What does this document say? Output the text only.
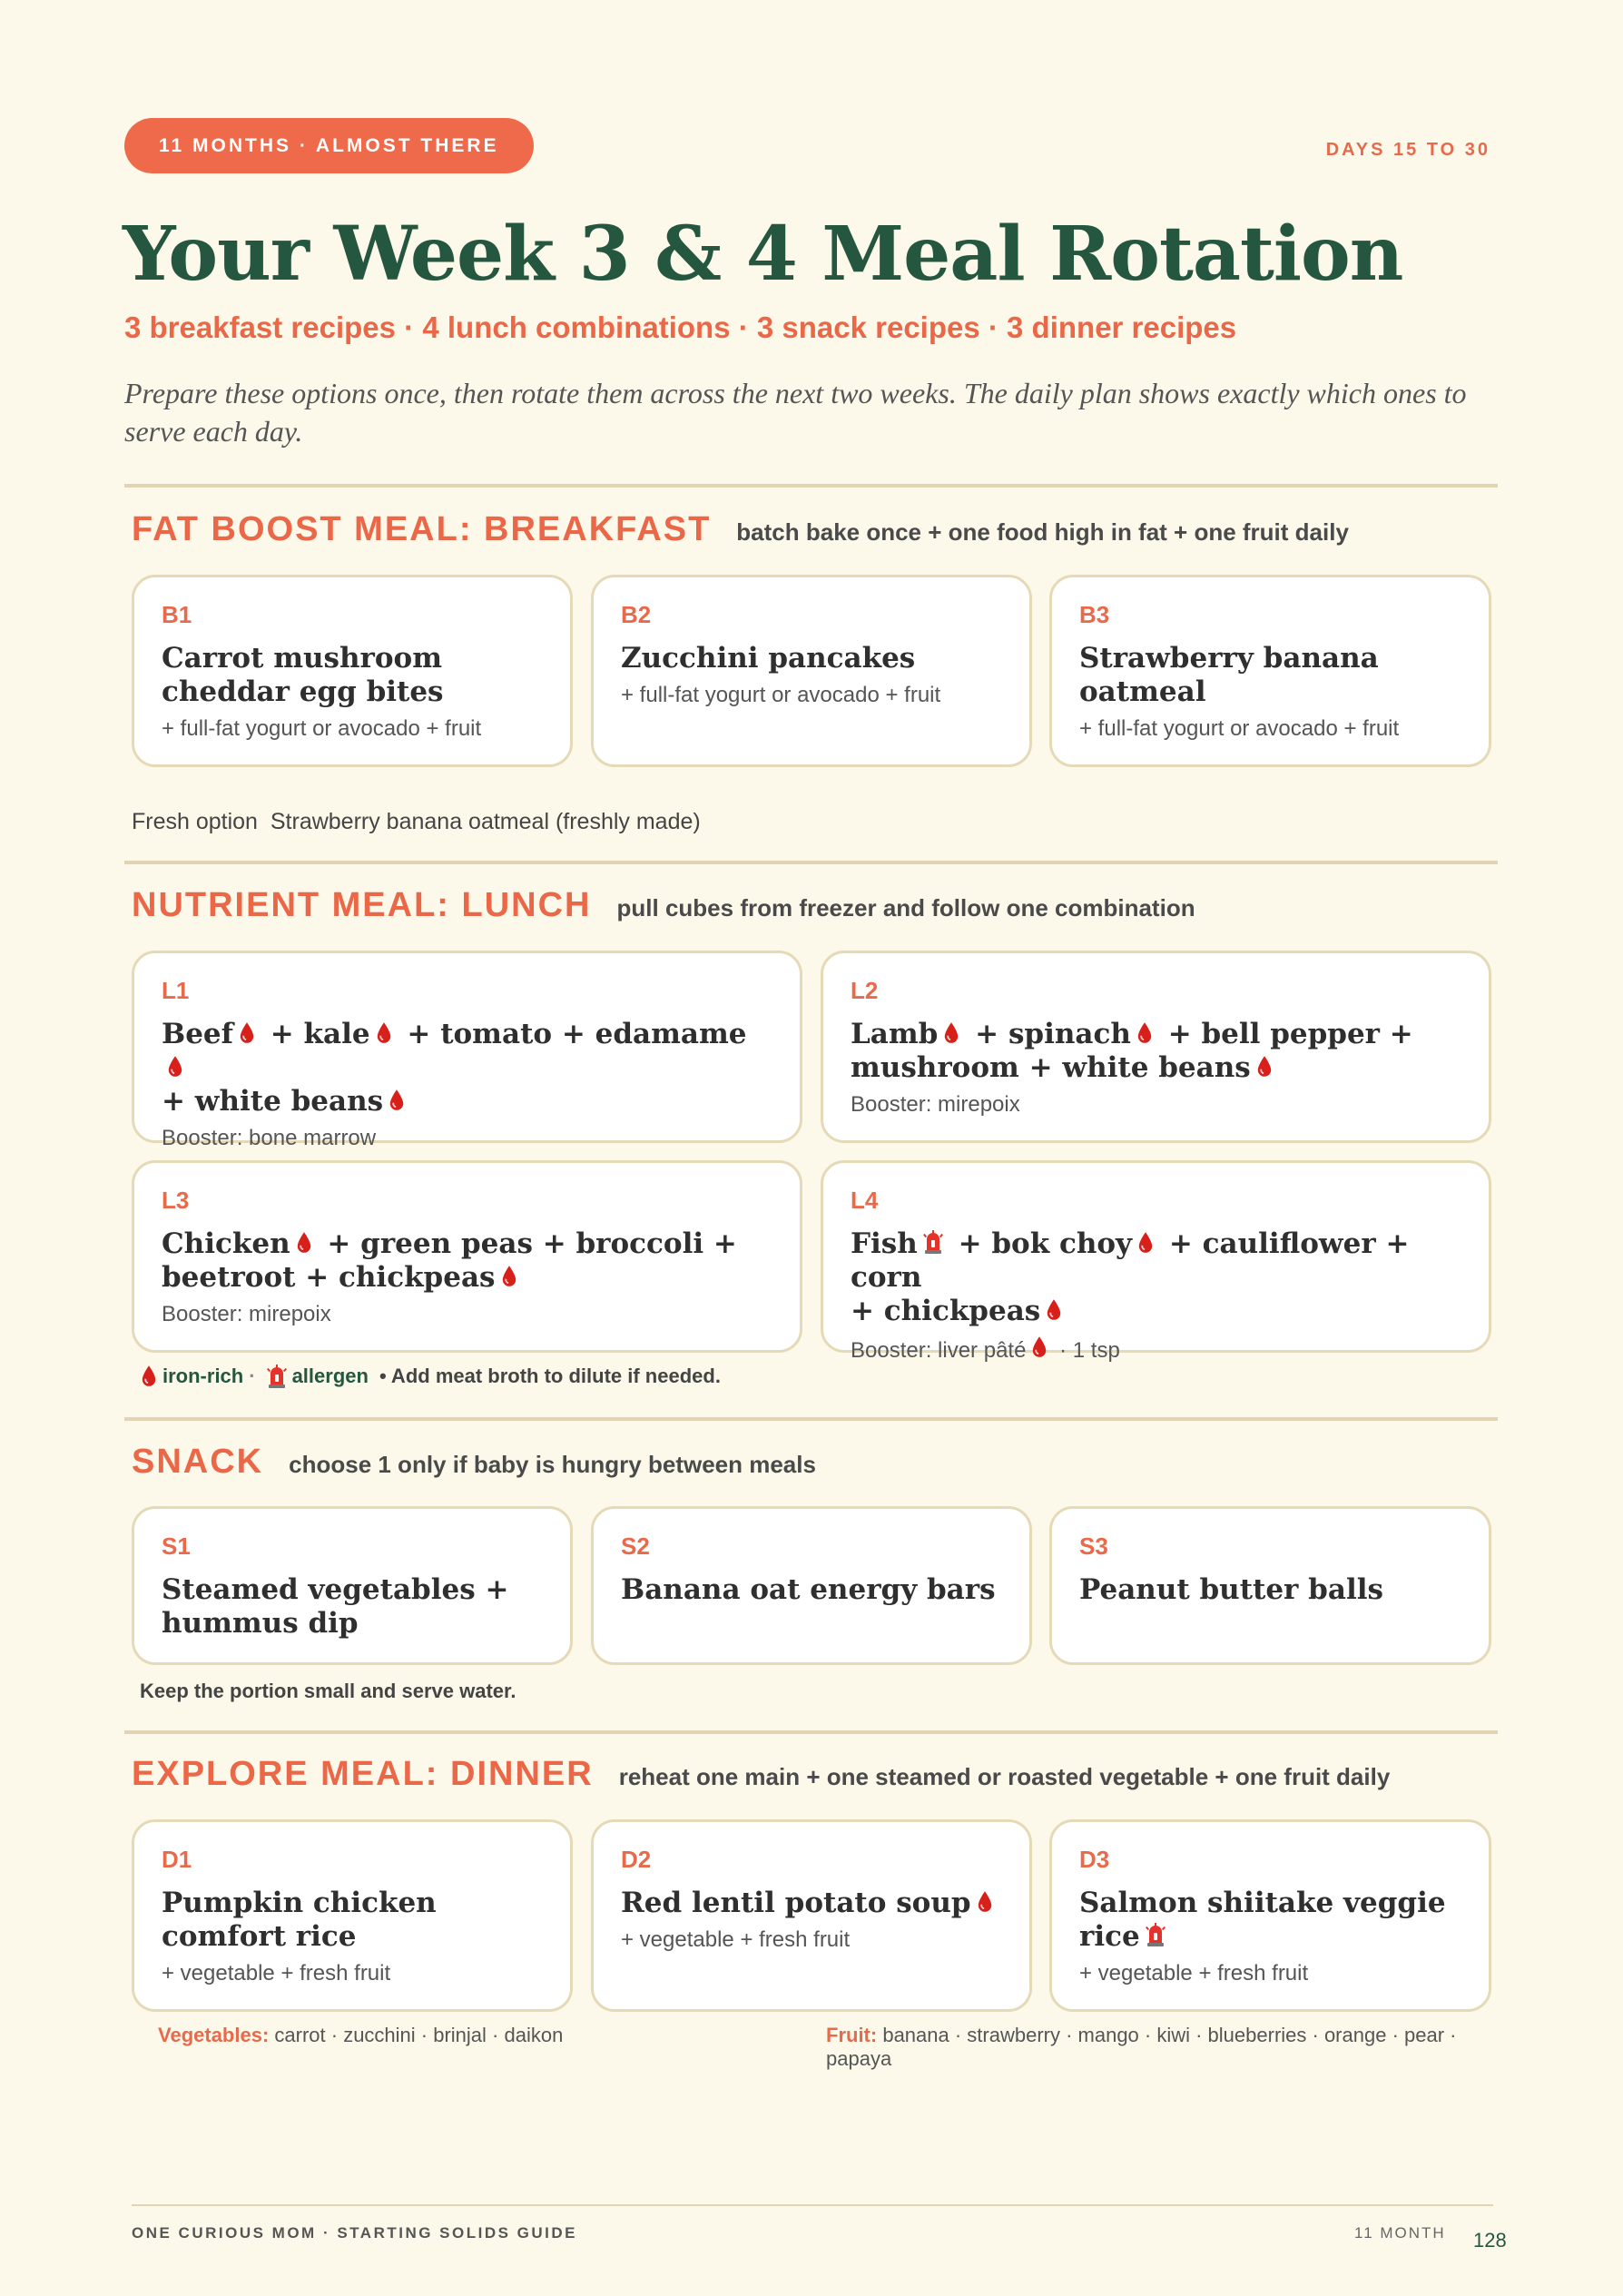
11 MONTHS · ALMOST THERE	DAYS 15 TO 30
Your Week 3 & 4 Meal Rotation
3 breakfast recipes · 4 lunch combinations · 3 snack recipes · 3 dinner recipes
Prepare these options once, then rotate them across the next two weeks. The daily plan shows exactly which ones to serve each day.
FAT BOOST MEAL: BREAKFAST batch bake once + one food high in fat + one fruit daily
B1
Carrot mushroom cheddar egg bites
+ full-fat yogurt or avocado + fruit
B2
Zucchini pancakes
+ full-fat yogurt or avocado + fruit
B3
Strawberry banana oatmeal
+ full-fat yogurt or avocado + fruit
Fresh option Strawberry banana oatmeal (freshly made)
NUTRIENT MEAL: LUNCH pull cubes from freezer and follow one combination
L1
Beef + kale + tomato + edamame
+ white beans
Booster: bone marrow
L2
Lamb + spinach + bell pepper +
mushroom + white beans
Booster: mirepoix
L3
Chicken + green peas + broccoli +
beetroot + chickpeas
Booster: mirepoix
L4
Fish + bok choy + cauliflower + corn
+ chickpeas
Booster: liver pâté · 1 tsp
iron-rich · allergen • Add meat broth to dilute if needed.
SNACK choose 1 only if baby is hungry between meals
S1
Steamed vegetables + hummus dip
S2
Banana oat energy bars
S3
Peanut butter balls
Keep the portion small and serve water.
EXPLORE MEAL: DINNER reheat one main + one steamed or roasted vegetable + one fruit daily
D1
Pumpkin chicken comfort rice
+ vegetable + fresh fruit
D2
Red lentil potato soup
+ vegetable + fresh fruit
D3
Salmon shiitake veggie rice
+ vegetable + fresh fruit
Vegetables: carrot · zucchini · brinjal · daikon	Fruit: banana · strawberry · mango · kiwi · blueberries · orange · pear · papaya
ONE CURIOUS MOM · STARTING SOLIDS GUIDE	11 MONTH 128
